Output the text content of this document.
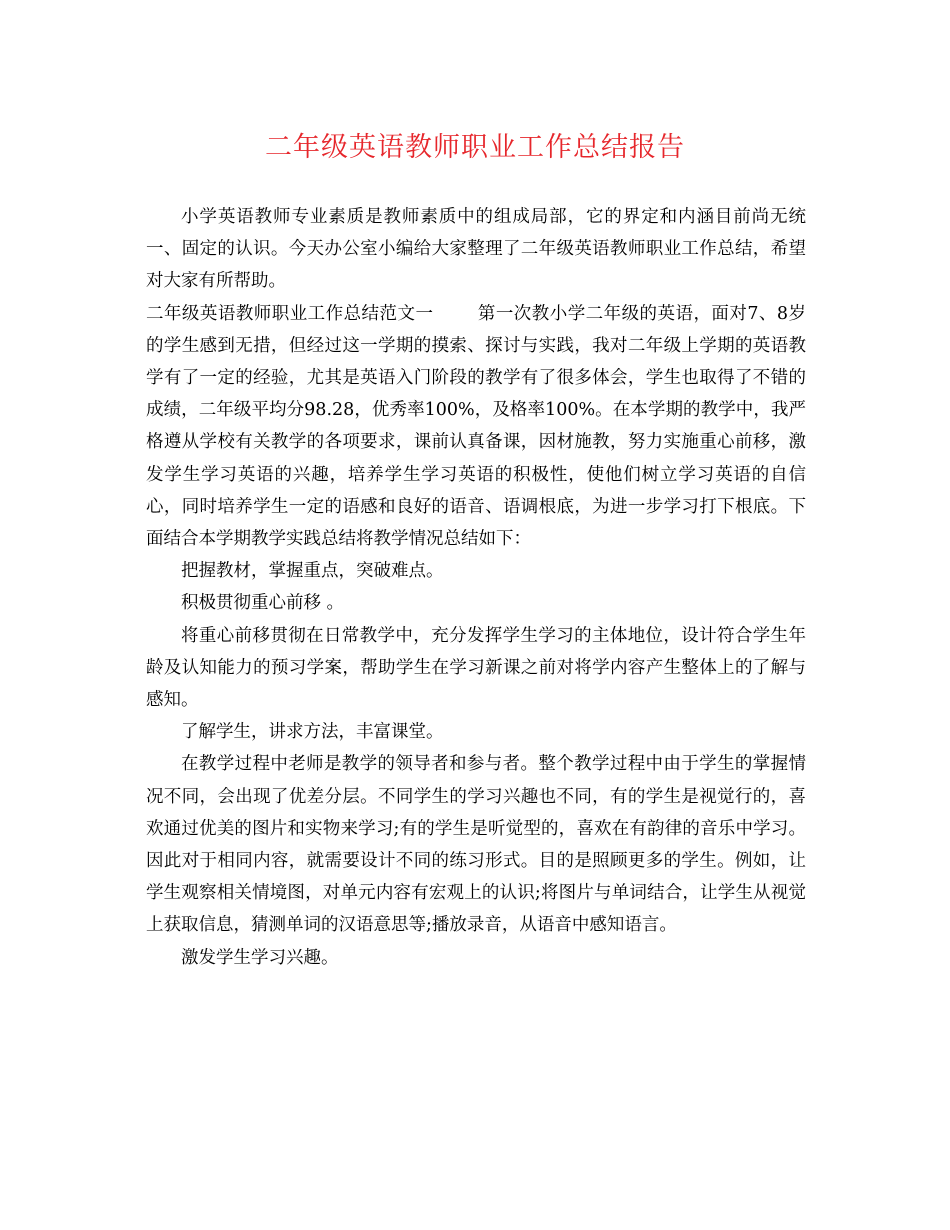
二年级英语教师职业工作总结报告

小学英语教师专业素质是教师素质中的组成局部，它的界定和内涵目前尚无统一、固定的认识。今天办公室小编给大家整理了二年级英语教师职业工作总结，希望对大家有所帮助。

二年级英语教师职业工作总结范文一	第一次教小学二年级的英语，面对7、8岁的学生感到无措，但经过这一学期的摸索、探讨与实践，我对二年级上学期的英语教学有了一定的经验，尤其是英语入门阶段的教学有了很多体会，学生也取得了不错的成绩，二年级平均分98.28，优秀率100%，及格率100%。在本学期的教学中，我严格遵从学校有关教学的各项要求，课前认真备课，因材施教，努力实施重心前移，激发学生学习英语的兴趣，培养学生学习英语的积极性，使他们树立学习英语的自信心，同时培养学生一定的语感和良好的语音、语调根底，为进一步学习打下根底。下面结合本学期教学实践总结将教学情况总结如下：

把握教材，掌握重点，突破难点。

积极贯彻重心前移 。

将重心前移贯彻在日常教学中，充分发挥学生学习的主体地位，设计符合学生年龄及认知能力的预习学案，帮助学生在学习新课之前对将学内容产生整体上的了解与感知。

了解学生，讲求方法，丰富课堂。

在教学过程中老师是教学的领导者和参与者。整个教学过程中由于学生的掌握情况不同，会出现了优差分层。不同学生的学习兴趣也不同，有的学生是视觉行的，喜欢通过优美的图片和实物来学习;有的学生是听觉型的，喜欢在有韵律的音乐中学习。因此对于相同内容，就需要设计不同的练习形式。目的是照顾更多的学生。例如，让学生观察相关情境图，对单元内容有宏观上的认识;将图片与单词结合，让学生从视觉上获取信息，猜测单词的汉语意思等;播放录音，从语音中感知语言。

激发学生学习兴趣。
